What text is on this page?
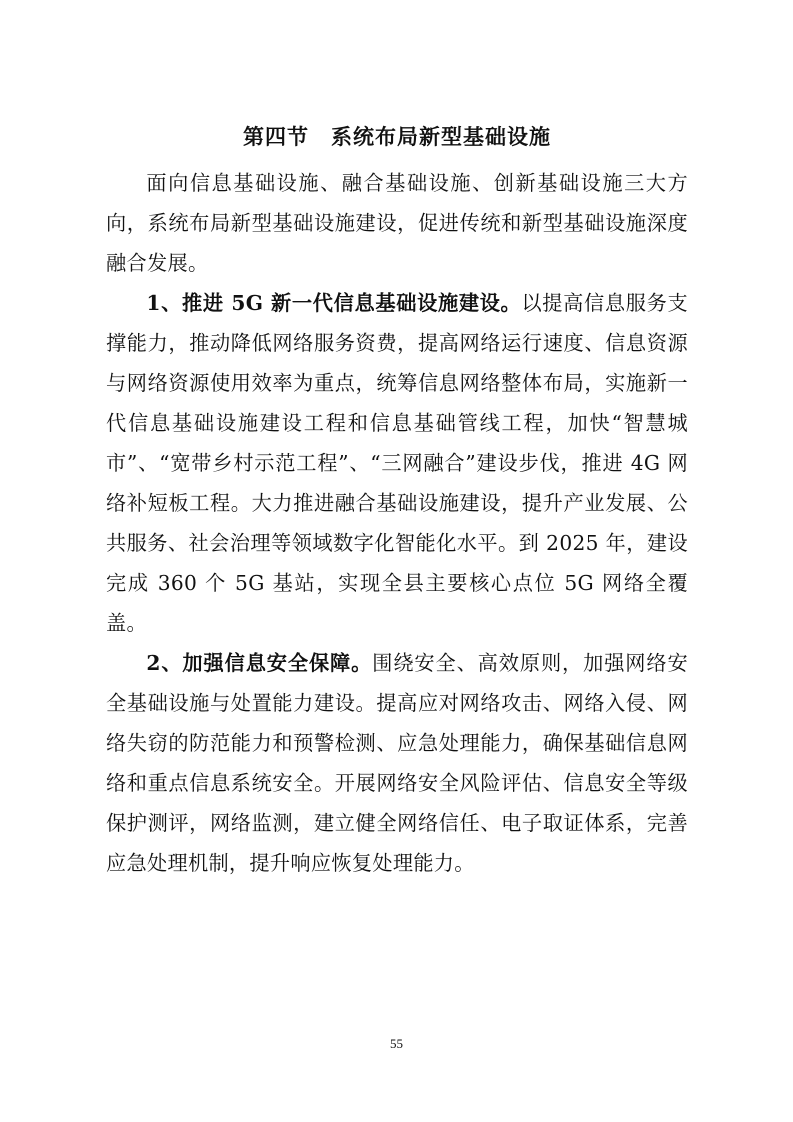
第四节 系统布局新型基础设施

面向信息基础设施、融合基础设施、创新基础设施三大方向，系统布局新型基础设施建设，促进传统和新型基础设施深度融合发展。

1、推进 5G 新一代信息基础设施建设。以提高信息服务支撑能力，推动降低网络服务资费，提高网络运行速度、信息资源与网络资源使用效率为重点，统筹信息网络整体布局，实施新一代信息基础设施建设工程和信息基础管线工程，加快“智慧城市”、“宽带乡村示范工程”、“三网融合”建设步伐，推进 4G 网络补短板工程。大力推进融合基础设施建设，提升产业发展、公共服务、社会治理等领域数字化智能化水平。到 2025 年，建设完成 360 个 5G 基站，实现全县主要核心点位 5G 网络全覆盖。

2、加强信息安全保障。围绕安全、高效原则，加强网络安全基础设施与处置能力建设。提高应对网络攻击、网络入侵、网络失窃的防范能力和预警检测、应急处理能力，确保基础信息网络和重点信息系统安全。开展网络安全风险评估、信息安全等级保护测评，网络监测，建立健全网络信任、电子取证体系，完善应急处理机制，提升响应恢复处理能力。

55
